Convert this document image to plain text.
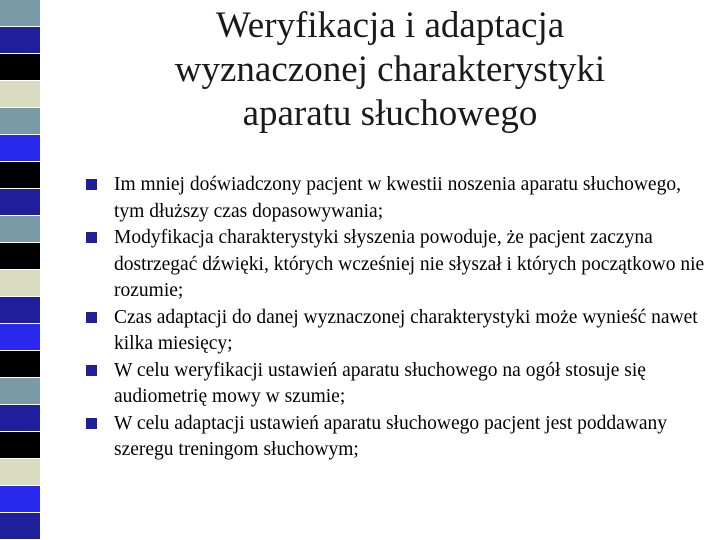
Weryfikacja i adaptacja
wyznaczonej charakterystyki
aparatu słuchowego
Im mniej doświadczony pacjent w kwestii noszenia aparatu słuchowego, tym dłuższy czas dopasowywania;
Modyfikacja charakterystyki słyszenia powoduje, że pacjent zaczyna dostrzegać dźwięki, których wcześniej nie słyszał i których początkowo nie rozumie;
Czas adaptacji do danej wyznaczonej charakterystyki może wynieść nawet kilka miesięcy;
W celu weryfikacji ustawień aparatu słuchowego na ogół stosuje się audiometrię mowy w szumie;
W celu adaptacji ustawień aparatu słuchowego pacjent jest poddawany szeregu treningom słuchowym;
